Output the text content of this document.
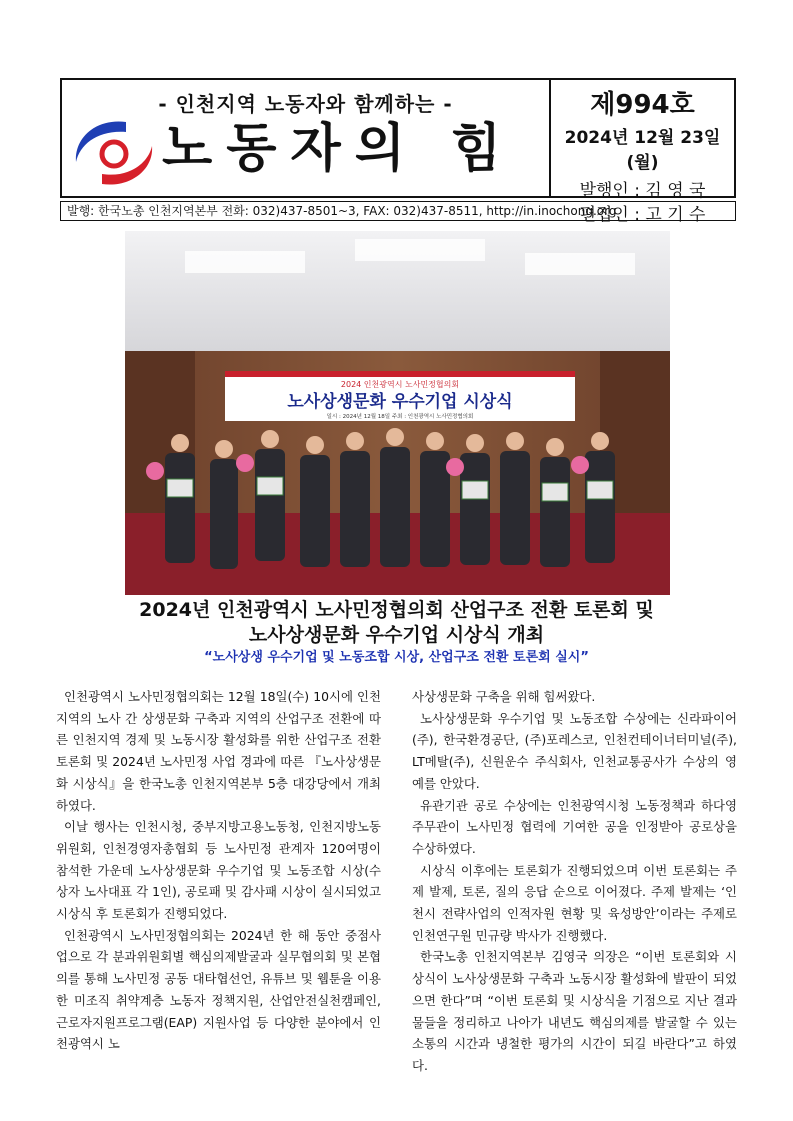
- 인천지역 노동자와 함께하는 -
노동자의 힘
제994호
2024년 12월 23일(월)
발행인 : 김 영 국
편집인 : 고 기 수
발행: 한국노총 인천지역본부 전화: 032)437-8501~3, FAX: 032)437-8511, http://in.inochong.org
2024 인천광역시 노사민정협의회
노사상생문화 우수기업 시상식
일시 : 2024년 12월 18일 주최 : 인천광역시 노사민정협의회
2024년 인천광역시 노사민정협의회 산업구조 전환 토론회 및
노사상생문화 우수기업 시상식 개최
“노사상생 우수기업 및 노동조합 시상, 산업구조 전환 토론회 실시”

인천광역시 노사민정협의회는 12월 18일(수) 10시에 인천지역의 노사 간 상생문화 구축과 지역의 산업구조 전환에 따른 인천지역 경제 및 노동시장 활성화를 위한 산업구조 전환 토론회 및 2024년 노사민정 사업 경과에 따른 『노사상생문화 시상식』을 한국노총 인천지역본부 5층 대강당에서 개최하였다.

이날 행사는 인천시청, 중부지방고용노동청, 인천지방노동위원회, 인천경영자총협회 등 노사민정 관계자 120여명이 참석한 가운데 노사상생문화 우수기업 및 노동조합 시상(수상자 노사대표 각 1인), 공로패 및 감사패 시상이 실시되었고 시상식 후 토론회가 진행되었다.

인천광역시 노사민정협의회는 2024년 한 해 동안 중점사업으로 각 분과위원회별 핵심의제발굴과 실무협의회 및 본협의를 통해 노사민정 공동 대타협선언, 유튜브 및 웹툰을 이용한 미조직 취약계층 노동자 정책지원, 산업안전실천캠페인, 근로자지원프로그램(EAP) 지원사업 등 다양한 분야에서 인천광역시 노

사상생문화 구축을 위해 힘써왔다.

노사상생문화 우수기업 및 노동조합 수상에는 신라파이어(주), 한국환경공단, (주)포레스코, 인천컨테이너터미널(주), LT메탈(주), 신원운수 주식회사, 인천교통공사가 수상의 영예를 안았다.

유관기관 공로 수상에는 인천광역시청 노동정책과 하다영 주무관이 노사민정 협력에 기여한 공을 인정받아 공로상을 수상하였다.

시상식 이후에는 토론회가 진행되었으며 이번 토론회는 주제 발제, 토론, 질의 응답 순으로 이어졌다. 주제 발제는 ‘인천시 전략사업의 인적자원 현황 및 육성방안’이라는 주제로 인천연구원 민규량 박사가 진행했다.

한국노총 인천지역본부 김영국 의장은 “이번 토론회와 시상식이 노사상생문화 구축과 노동시장 활성화에 발판이 되었으면 한다”며 “이번 토론회 및 시상식을 기점으로 지난 결과물들을 정리하고 나아가 내년도 핵심의제를 발굴할 수 있는 소통의 시간과 냉철한 평가의 시간이 되길 바란다”고 하였다.
